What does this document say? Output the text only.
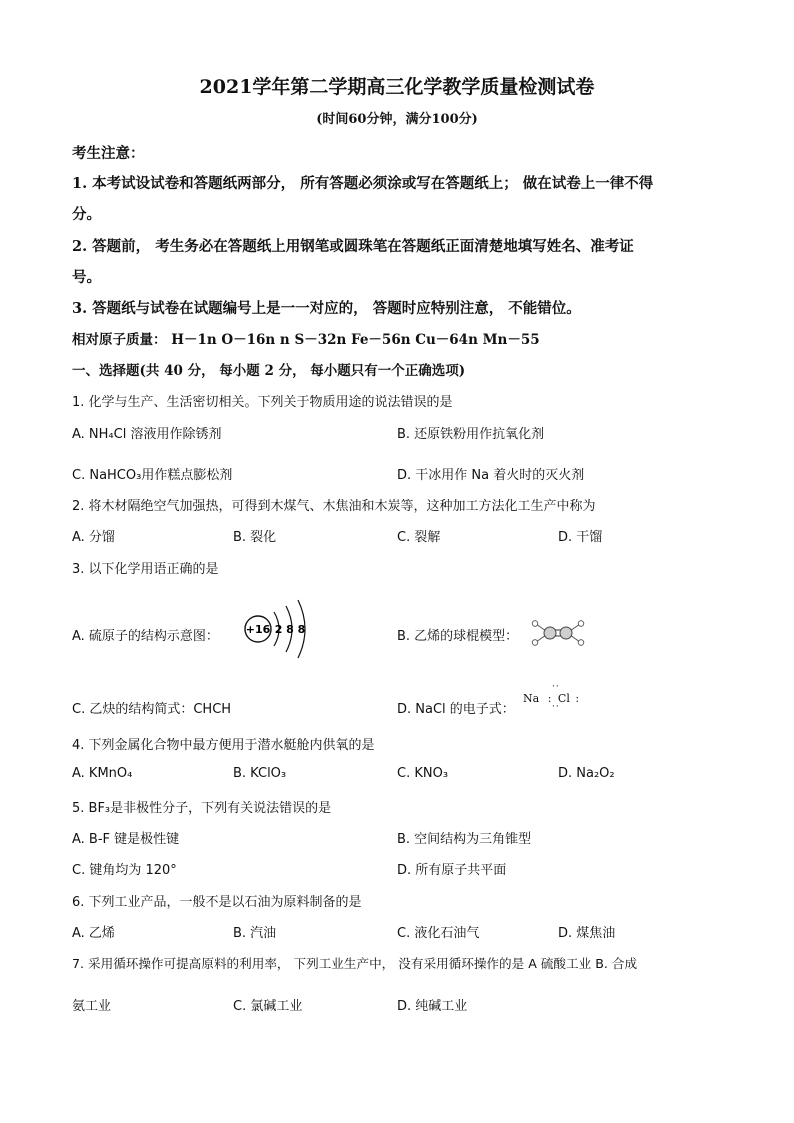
2021学年第二学期高三化学教学质量检测试卷
(时间60分钟，满分100分)
考生注意：
1. 本考试设试卷和答题纸两部分， 所有答题必须涂或写在答题纸上； 做在试卷上一律不得
分。
2. 答题前， 考生务必在答题纸上用钢笔或圆珠笔在答题纸正面清楚地填写姓名、准考证
号。
3. 答题纸与试卷在试题编号上是一一对应的， 答题时应特别注意， 不能错位。
相对原子质量： H－1n O－16n n S－32n Fe－56n Cu－64n Mn－55
一、选择题(共 40 分， 每小题 2 分， 每小题只有一个正确选项)
1. 化学与生产、生活密切相关。下列关于物质用途的说法错误的是
A. NH₄Cl 溶液用作除锈剂	B. 还原铁粉用作抗氧化剂
C. NaHCO₃用作糕点膨松剂	D. 干冰用作 Na 着火时的灭火剂
2. 将木材隔绝空气加强热，可得到木煤气、木焦油和木炭等，这种加工方法化工生产中称为
A. 分馏	B. 裂化	C. 裂解	D. 干馏
3. 以下化学用语正确的是
A. 硫原子的结构示意图： +16 2 8 8	B. 乙烯的球棍模型：
C. 乙炔的结构简式：CHCH	D. NaCl 的电子式：
··
Na : Cl :
··
4. 下列金属化合物中最方便用于潜水艇舱内供氧的是
A. KMnO₄	B. KClO₃	C. KNO₃	D. Na₂O₂
5. BF₃是非极性分子，下列有关说法错误的是
A. B-F 键是极性键	B. 空间结构为三角锥型
C. 键角均为 120°	D. 所有原子共平面
6. 下列工业产品，一般不是以石油为原料制备的是
A. 乙烯	B. 汽油	C. 液化石油气	D. 煤焦油
7. 采用循环操作可提高原料的利用率， 下列工业生产中， 没有采用循环操作的是 A 硫酸工业 B. 合成
氨工业	C. 氯碱工业	D. 纯碱工业
